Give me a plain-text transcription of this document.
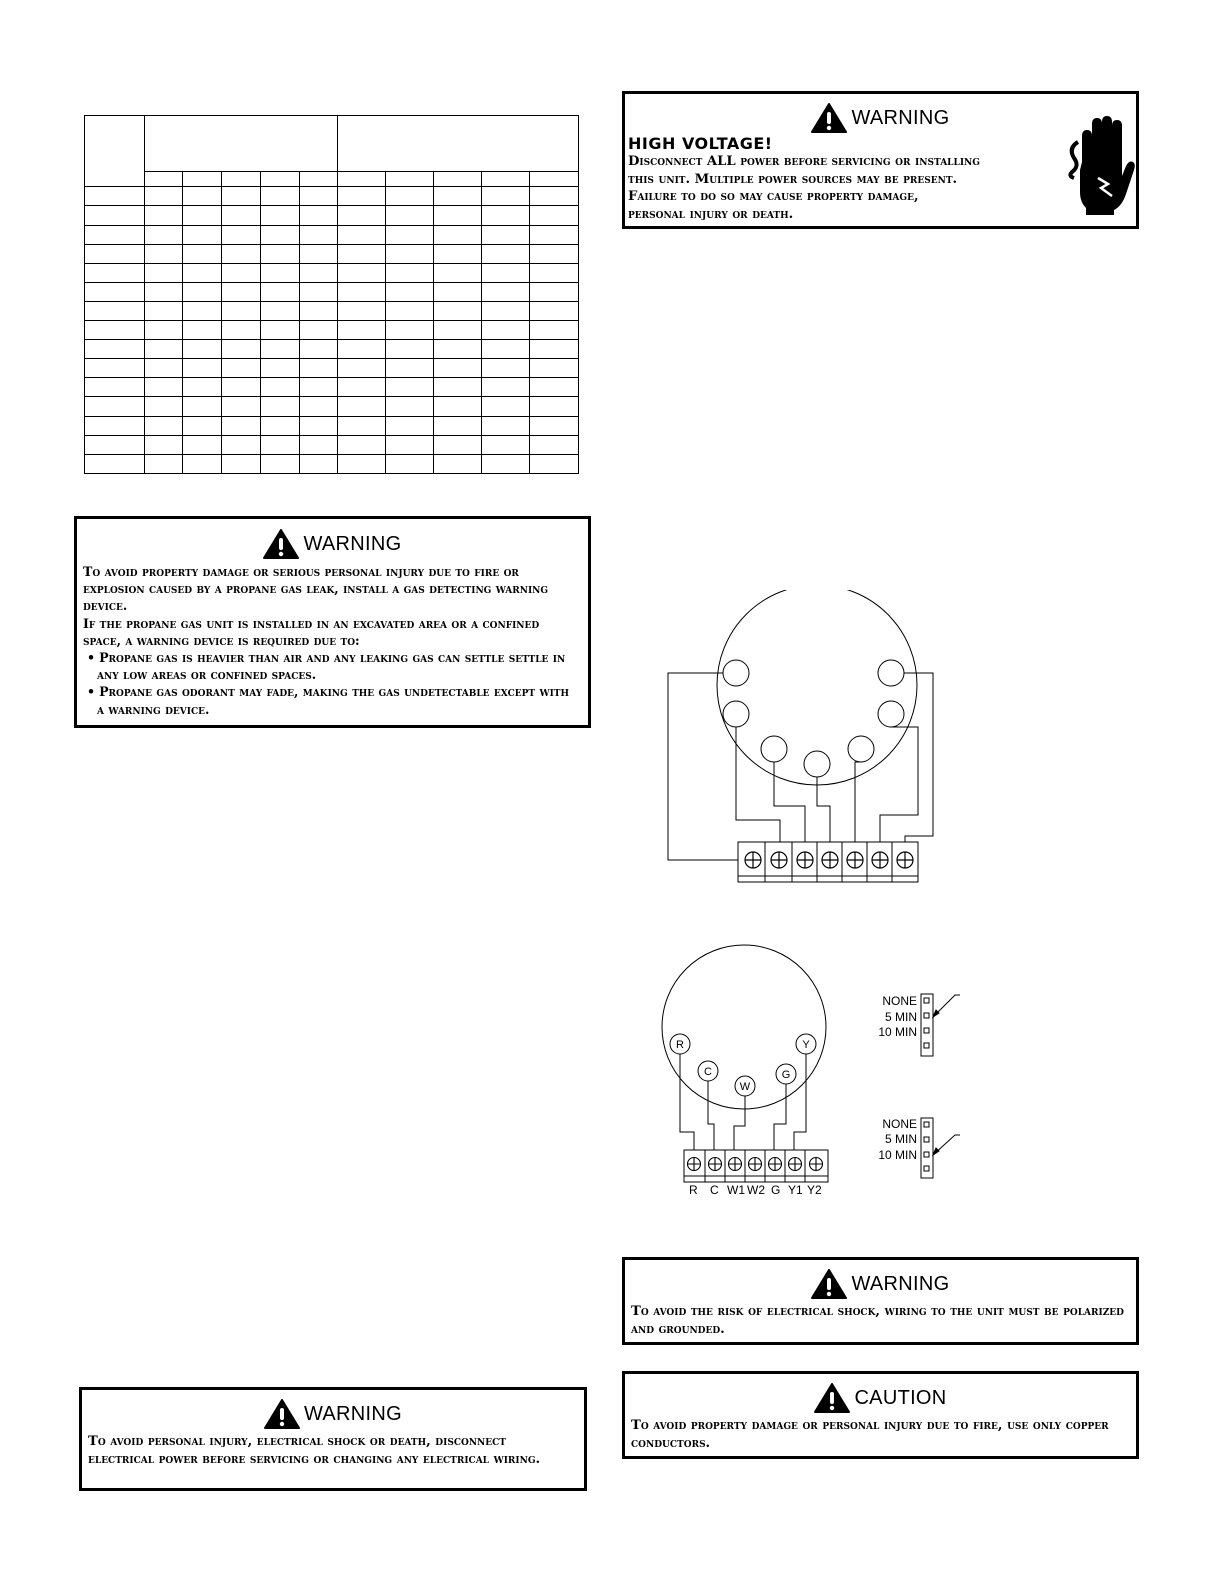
WARNING
HIGH VOLTAGE!

Disconnect ALL power before servicing or installing

this unit. Multiple power sources may be present.

Failure to do so may cause property damage,

personal injury or death.

WARNING

To avoid property damage or serious personal injury due to fire or explosion caused by a propane gas leak, install a gas detecting warning device.

If the propane gas unit is installed in an excavated area or a confined space, a warning device is required due to:

• Propane gas is heavier than air and any leaking gas can settle settle in any low areas or confined spaces.
• Propane gas odorant may fade, making the gas undetectable except with a warning device.
R
C
W
G
Y
R C W1 W2 G Y1 Y2
NONE
5 MIN
10 MIN
NONE
5 MIN
10 MIN
WARNING

To avoid the risk of electrical shock, wiring to the unit must be polarized and grounded.

CAUTION

To avoid property damage or personal injury due to fire, use only copper conductors.

WARNING

To avoid personal injury, electrical shock or death, disconnect electrical power before servicing or changing any electrical wiring.
